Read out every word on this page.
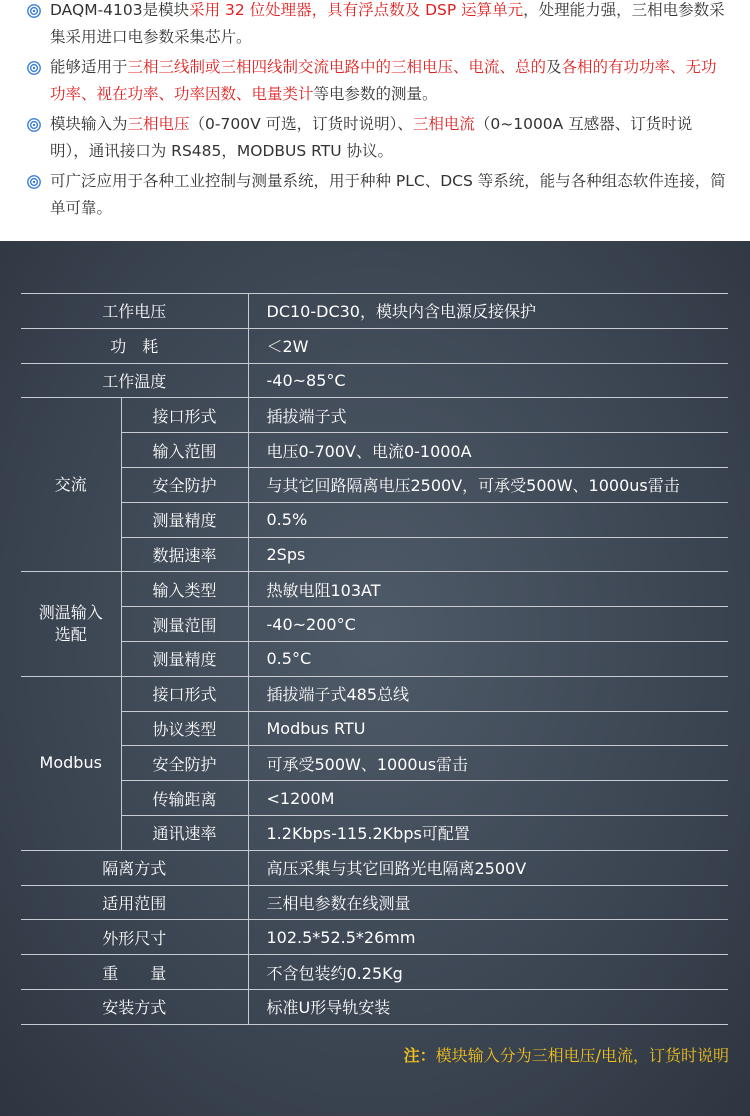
DAQM-4103是模块采用 32 位处理器，具有浮点数及 DSP 运算单元，处理能力强，三相电参数采集采用进口电参数采集芯片。
能够适用于三相三线制或三相四线制交流电路中的三相电压、电流、总的及各相的有功功率、无功功率、视在功率、功率因数、电量类计等电参数的测量。
模块输入为三相电压（0-700V 可选，订货时说明）、三相电流（0~1000A 互感器、订货时说明），通讯接口为 RS485，MODBUS RTU 协议。
可广泛应用于各种工业控制与测量系统，用于种种 PLC、DCS 等系统，能与各种组态软件连接，简单可靠。
工作电压		DC10-DC30，模块内含电源反接保护
功　耗		＜2W
工作温度		-40~85°C
交流	接口形式	插拔端子式
	输入范围	电压0-700V、电流0-1000A
	安全防护	与其它回路隔离电压2500V，可承受500W、1000us雷击
	测量精度	0.5%
	数据速率	2Sps
测温输入
选配	输入类型	热敏电阻103AT
	测量范围	-40~200°C
	测量精度	0.5°C
Modbus	接口形式	插拔端子式485总线
	协议类型	Modbus RTU
	安全防护	可承受500W、1000us雷击
	传输距离	<1200M
	通讯速率	1.2Kbps-115.2Kbps可配置
隔离方式		高压采集与其它回路光电隔离2500V
适用范围		三相电参数在线测量
外形尺寸		102.5*52.5*26mm
重　　量		不含包装约0.25Kg
安装方式		标准U形导轨安装
注：模块输入分为三相电压/电流，订货时说明
